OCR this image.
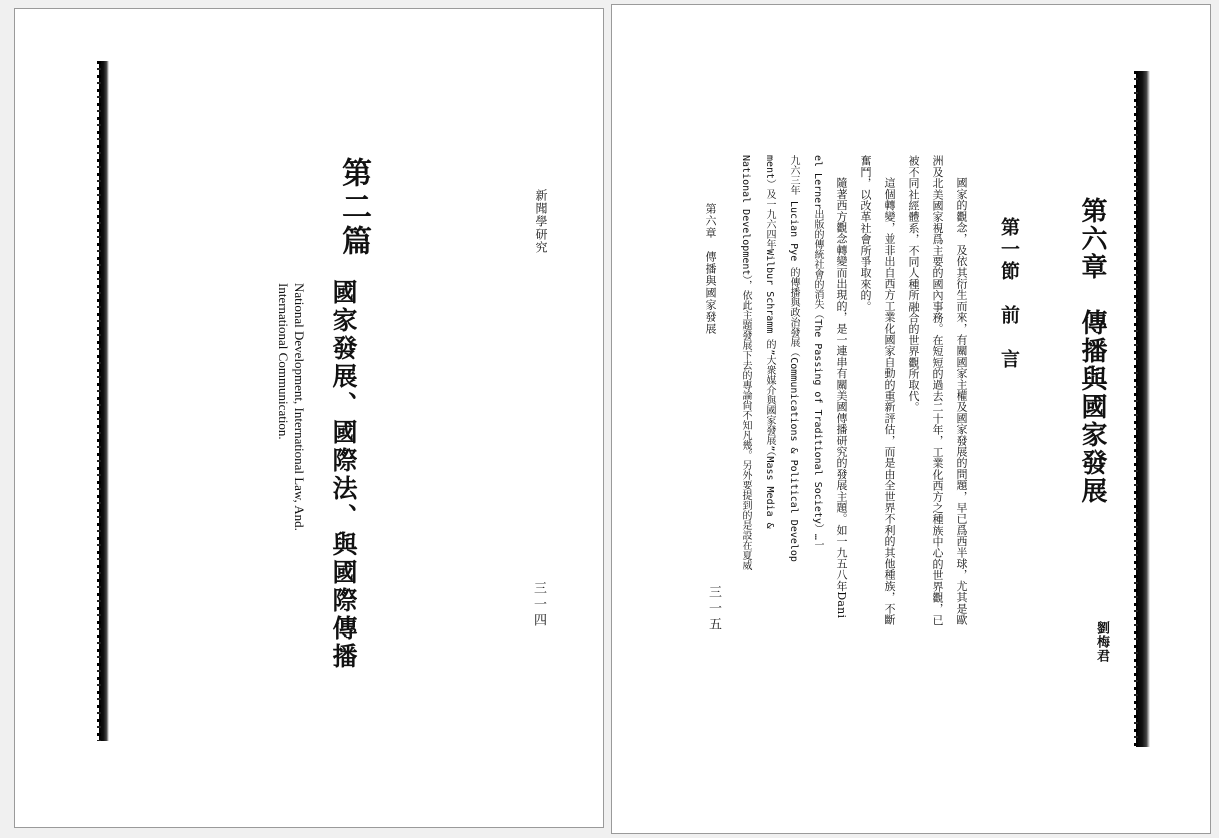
新聞學研究
第二篇
國家發展、國際法、與國際傳播
National Development, International Law, And.
International Communication.
三一四
第六章　傳播與國家發展
劉梅君
第一節　前　言
國家的觀念，及依其衍生而來，有關國家主權及國家發展的問題，早已爲西半球，尤其是歐
洲及北美國家視爲主要的國內事務。在短短的過去二十年，工業化西方之種族中心的世界觀，已
被不同社經體系，不同人種所融合的世界觀所取代。
這個轉變，並非出自西方工業化國家自動的重新評估，而是由全世界不利的其他種族，不斷
奮鬥，以改革社會所爭取來的。
隨著西方觀念轉變而出現的，是一連串有關美國傳播研究的發展主題。如一九五八年Dani
el Lerner出版的傳統社會的消失（The Passing of Traditional Society）…一
九六三年 Lucian Pye 的傳播與政治發展（Communications & Political Develop
ment）及一九六四年Wilbur Schramm 的”大衆媒介與國家發展”（Mass Media &
National Development），依此主題發展下去的專論尙不知凡幾。另外要提到的是設在夏威
第六章　傳播與國家發展
三一五
